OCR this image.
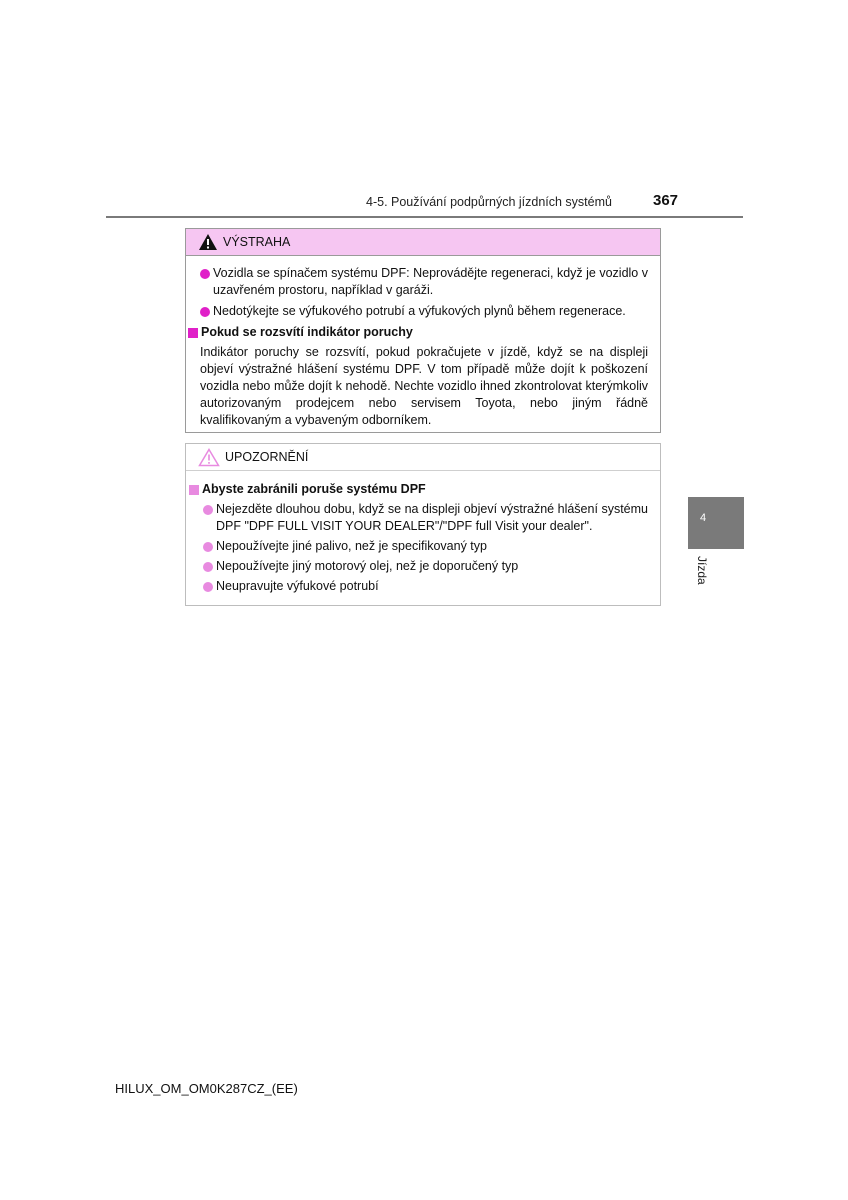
4-5. Používání podpůrných jízdních systémů	367
4
Jízda
VÝSTRAHA
Vozidla se spínačem systému DPF: Neprovádějte regeneraci, když je vozidlo v uzavřeném prostoru, například v garáži.
Nedotýkejte se výfukového potrubí a výfukových plynů během regenerace.
Pokud se rozsvítí indikátor poruchy
Indikátor poruchy se rozsvítí, pokud pokračujete v jízdě, když se na displeji objeví výstražné hlášení systému DPF. V tom případě může dojít k poškození vozidla nebo může dojít k nehodě. Nechte vozidlo ihned zkontrolovat kterýmkoliv autorizovaným prodejcem nebo servisem Toyota, nebo jiným řádně kvalifikovaným a vybaveným odborníkem.
UPOZORNĚNÍ
Abyste zabránili poruše systému DPF
Nejezděte dlouhou dobu, když se na displeji objeví výstražné hlášení systému DPF "DPF FULL VISIT YOUR DEALER"/"DPF full Visit your dealer".
Nepoužívejte jiné palivo, než je specifikovaný typ
Nepoužívejte jiný motorový olej, než je doporučený typ
Neupravujte výfukové potrubí
HILUX_OM_OM0K287CZ_(EE)
